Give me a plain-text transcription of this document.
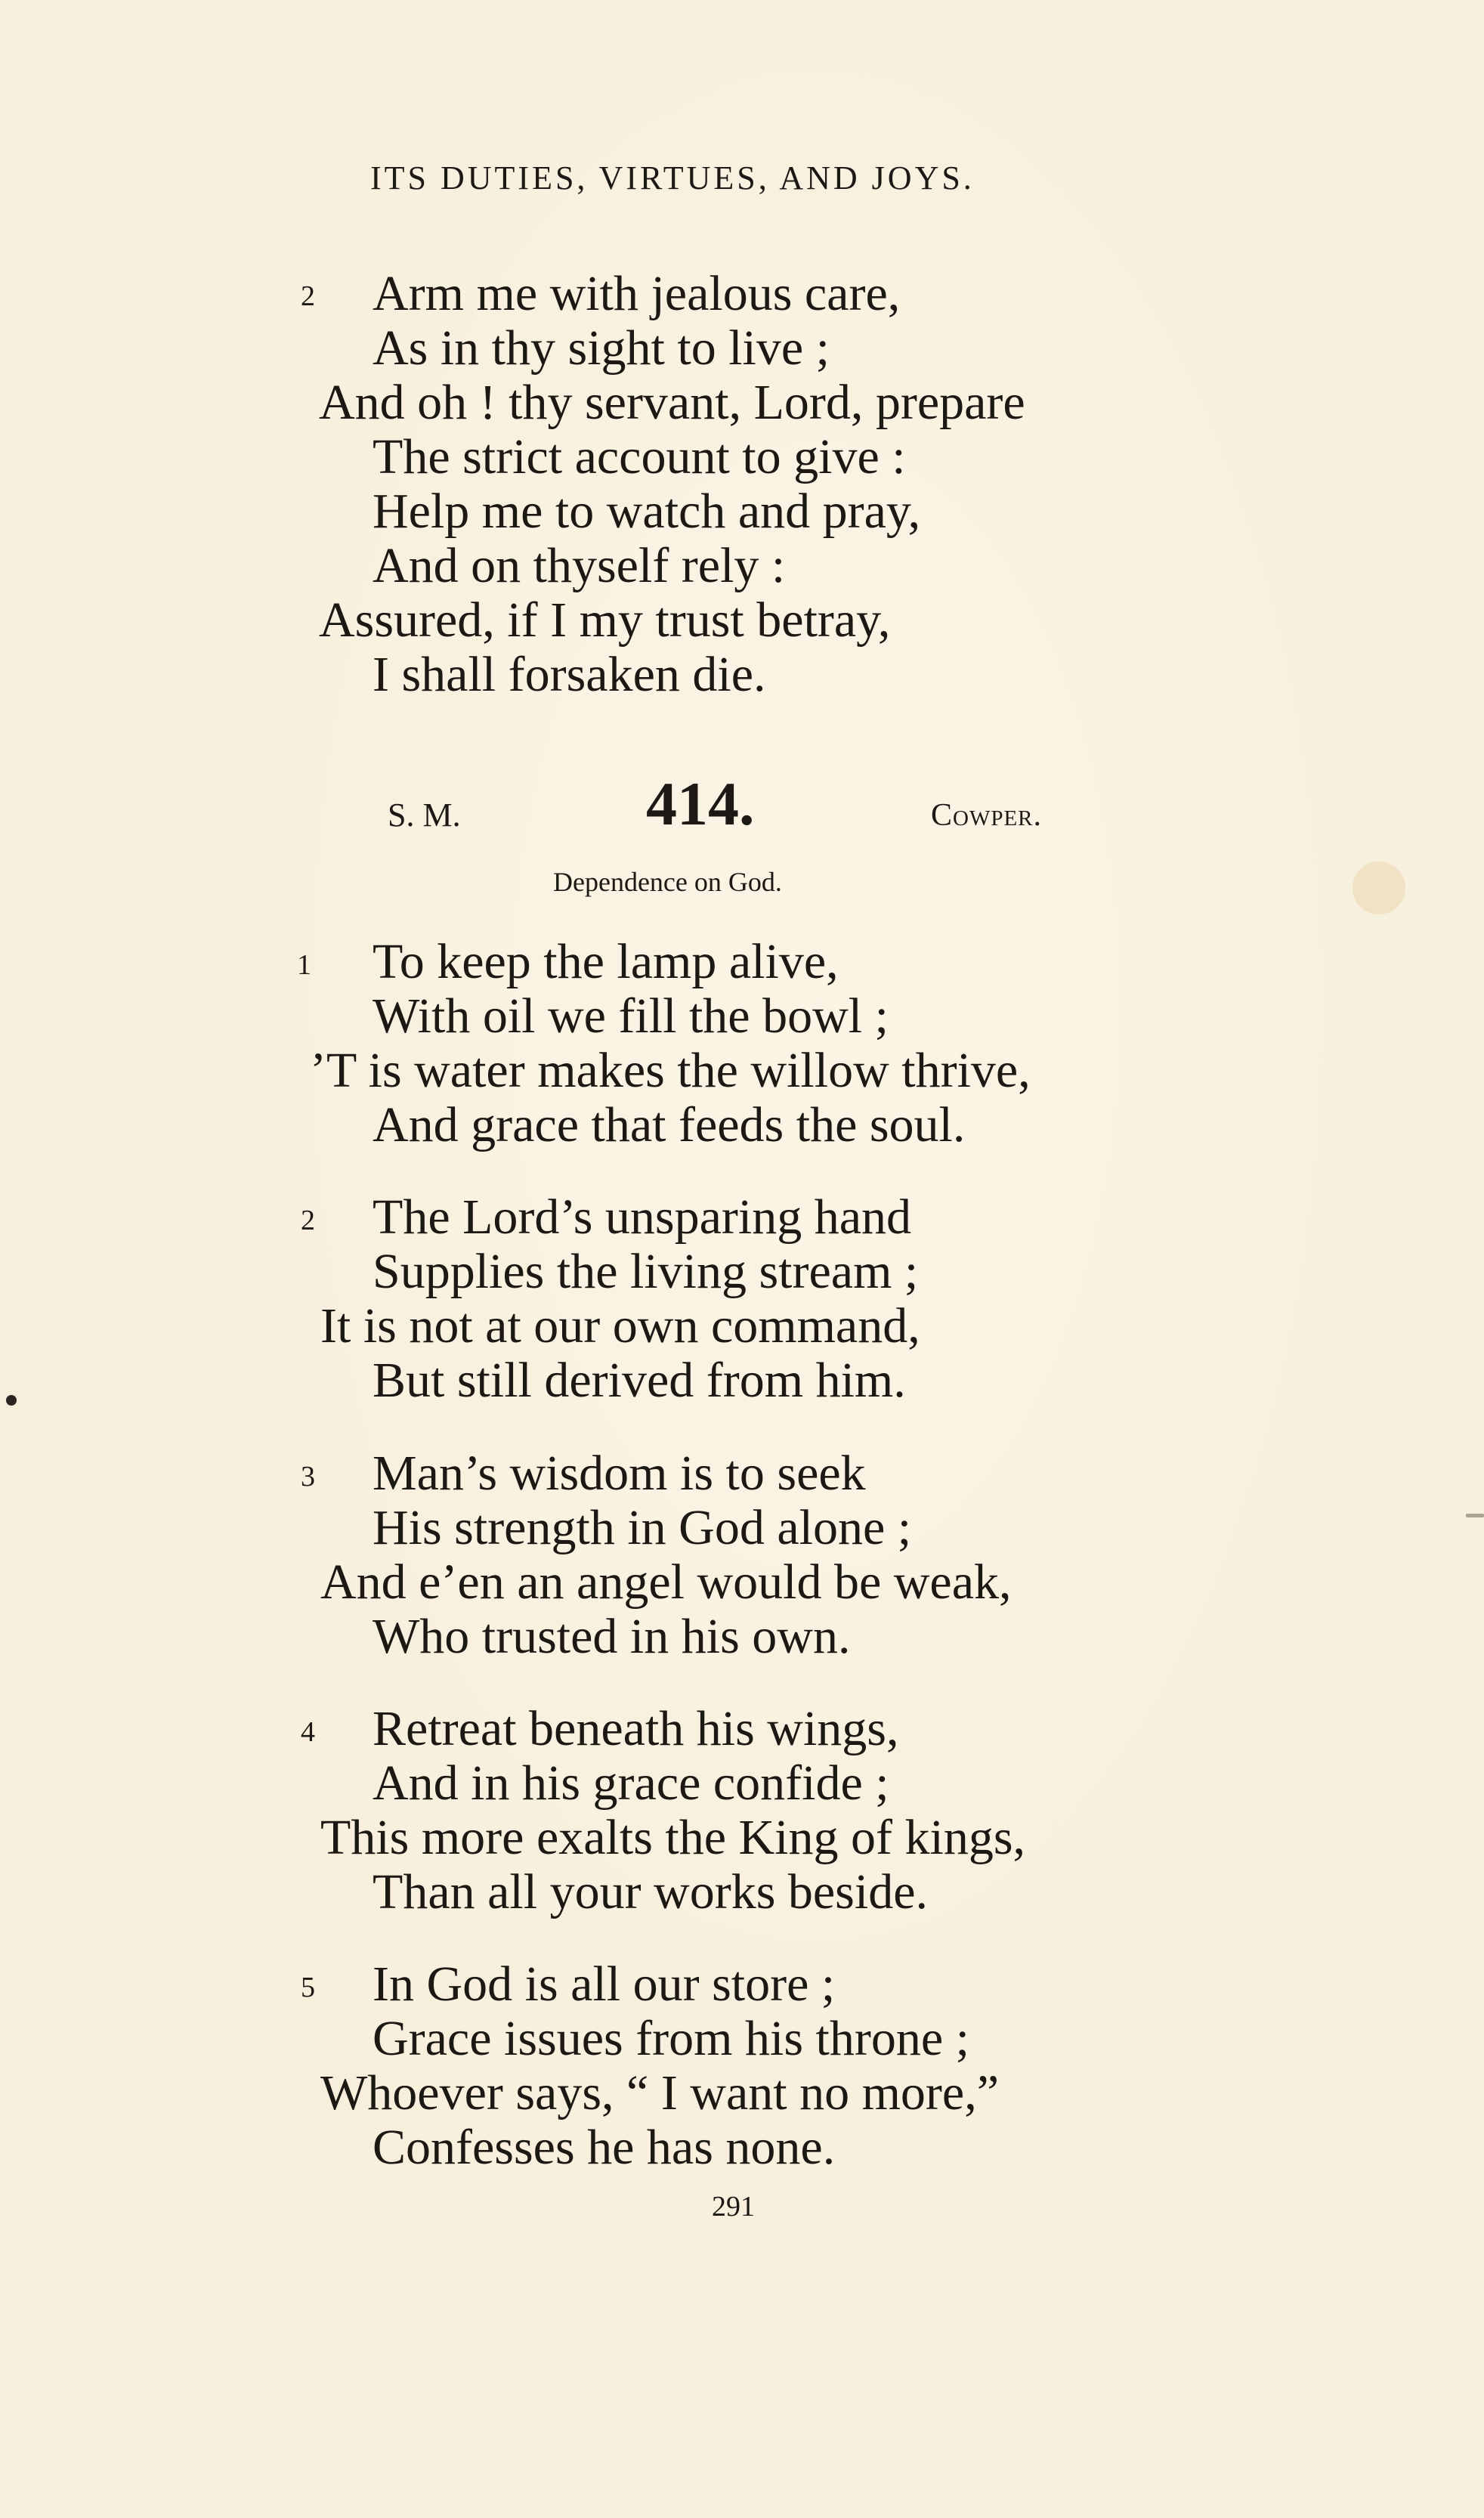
ITS DUTIES, VIRTUES, AND JOYS.
2 Arm me with jealous care,
As in thy sight to live ;
And oh ! thy servant, Lord, prepare
The strict account to give :
Help me to watch and pray,
And on thyself rely :
Assured, if I my trust betray,
I shall forsaken die.
S. M.	414.	Cowper.
Dependence on God.
1 To keep the lamp alive,
With oil we fill the bowl ;
’T is water makes the willow thrive,
And grace that feeds the soul.
2 The Lord’s unsparing hand
Supplies the living stream ;
It is not at our own command,
But still derived from him.
3 Man’s wisdom is to seek
His strength in God alone ;
And e’en an angel would be weak,
Who trusted in his own.
4 Retreat beneath his wings,
And in his grace confide ;
This more exalts the King of kings,
Than all your works beside.
5 In God is all our store ;
Grace issues from his throne ;
Whoever says, “ I want no more,”
Confesses he has none.
291
